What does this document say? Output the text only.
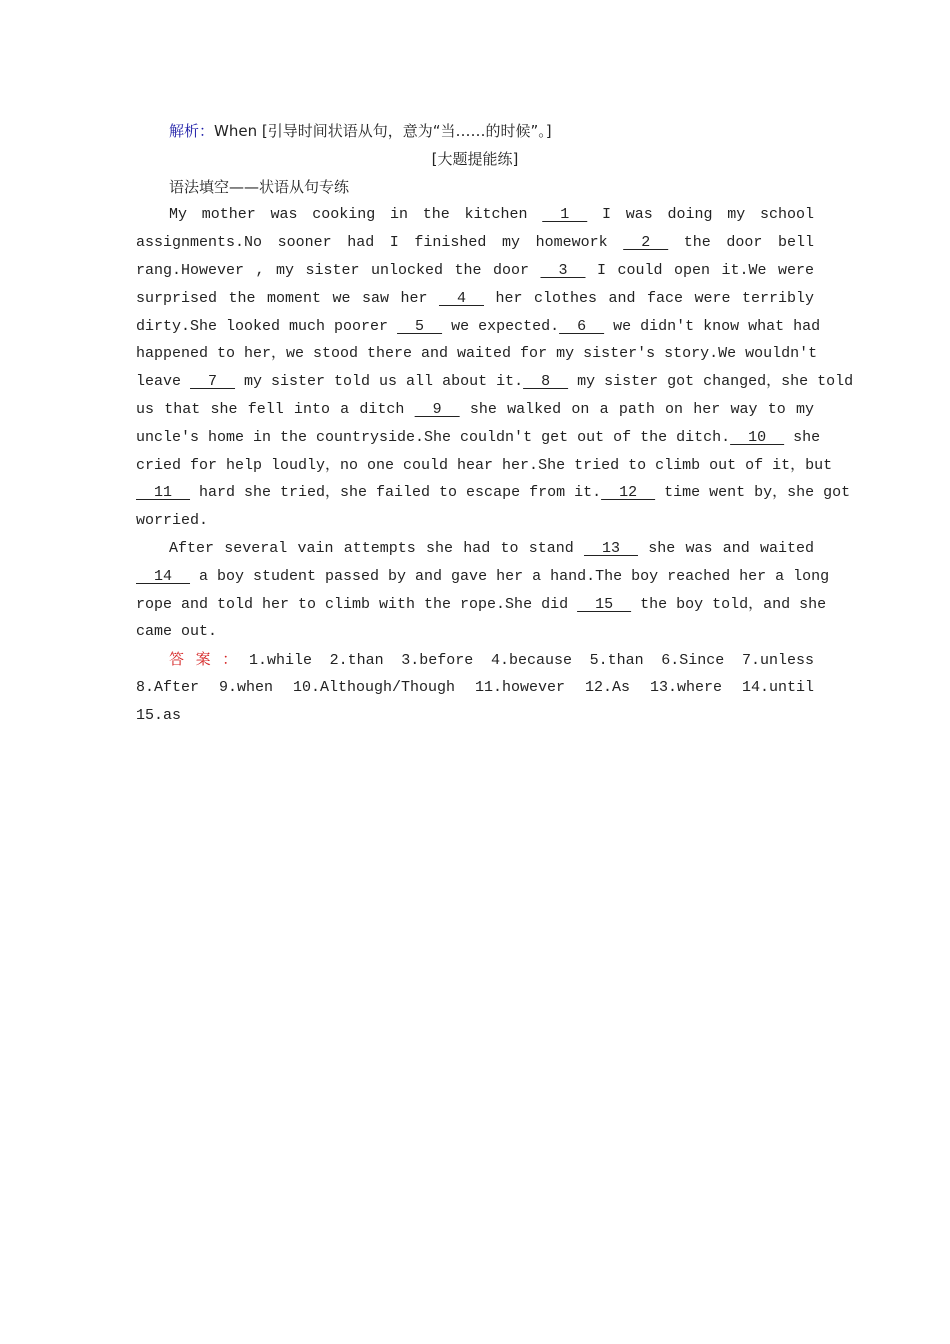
解析：When [引导时间状语从句，意为“当……的时候”。]
[大题提能练]
语法填空——状语从句专练
My mother was cooking in the kitchen   1   I was doing my school
assignments.No sooner had I finished my homework   2   the door bell
rang.However , my sister unlocked the door   3   I could open it.We were
surprised the moment we saw her   4   her clothes and face were terribly
dirty.She looked much poorer   5   we expected.  6   we didn't know what had
happened to her，we stood there and waited for my sister's story.We wouldn't
leave   7   my sister told us all about it.  8   my sister got changed，she told
us that she fell into a ditch   9   she walked on a path on her way to my
uncle's home in the countryside.She couldn't get out of the ditch.  10   she
cried for help loudly，no one could hear her.She tried to climb out of it，but
11   hard she tried，she failed to escape from it.  12   time went by，she got
worried.
After several vain attempts she had to stand   13   she was and waited
14   a boy student passed by and gave her a hand.The boy reached her a long
rope and told her to climb with the rope.She did   15   the boy told，and she
came out.
答案：1.while 2.than 3.before 4.because 5.than 6.Since 7.unless
8.After 9.when 10.Although/Though 11.however 12.As 13.where 14.until
15.as
